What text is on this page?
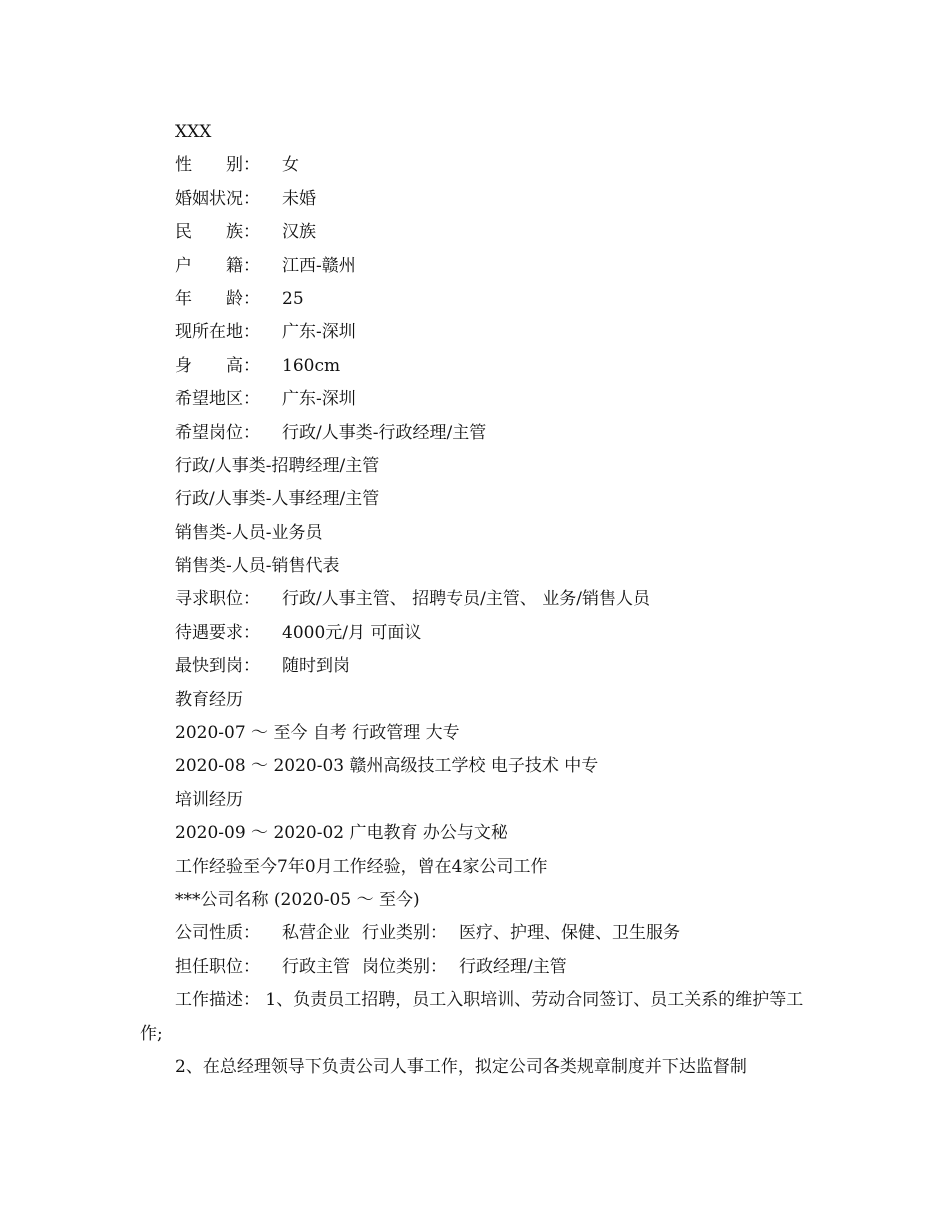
XXX
性　　别： 女
婚姻状况： 未婚
民　　族： 汉族
户　　籍： 江西-赣州
年　　龄： 25
现所在地： 广东-深圳
身　　高： 160cm
希望地区： 广东-深圳
希望岗位： 行政/人事类-行政经理/主管
行政/人事类-招聘经理/主管
行政/人事类-人事经理/主管
销售类-人员-业务员
销售类-人员-销售代表
寻求职位： 行政/人事主管、 招聘专员/主管、 业务/销售人员
待遇要求： 4000元/月 可面议
最快到岗： 随时到岗
教育经历
2020-07 ～ 至今 自考 行政管理 大专
2020-08 ～ 2020-03 赣州高级技工学校 电子技术 中专
培训经历
2020-09 ～ 2020-02 广电教育 办公与文秘
工作经验至今7年0月工作经验，曾在4家公司工作
***公司名称 (2020-05 ～ 至今)
公司性质： 私营企业 行业类别： 医疗、护理、保健、卫生服务
担任职位： 行政主管 岗位类别： 行政经理/主管
工作描述： 1、负责员工招聘，员工入职培训、劳动合同签订、员工关系的维护等工作;
2、在总经理领导下负责公司人事工作，拟定公司各类规章制度并下达监督制
